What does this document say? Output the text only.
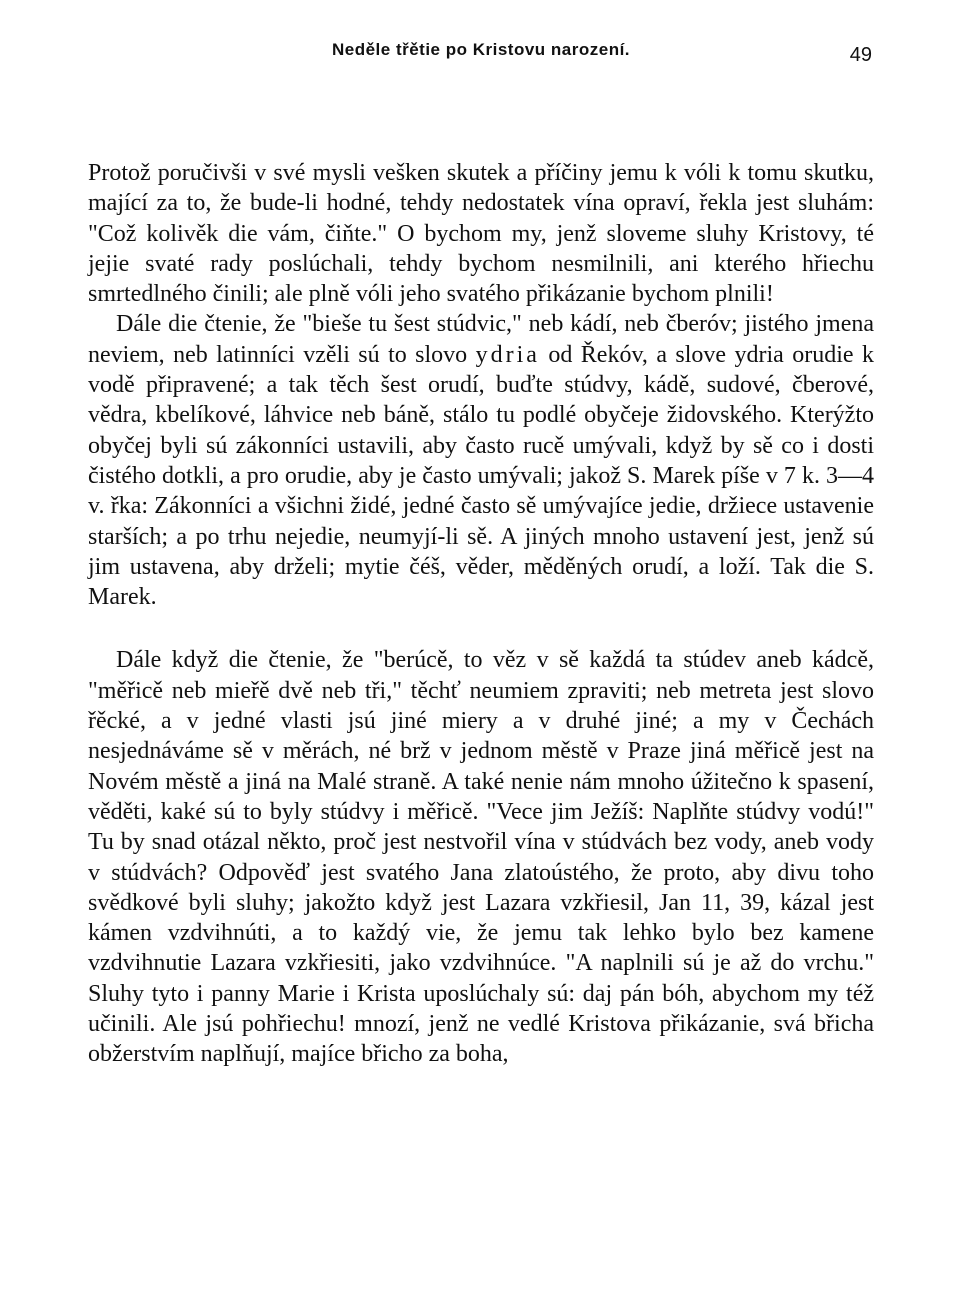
Neděle třětie po Kristovu narození.	49

Protož poručivši v své mysli vešken skutek a příčiny jemu k vóli k tomu skutku, mající za to, že bude-li hodné, tehdy nedostatek vína opraví, řekla jest sluhám: "Což kolivěk die vám, čiňte." O bychom my, jenž sloveme sluhy Kristovy, té jejie svaté rady poslúchali, tehdy bychom nesmilnili, ani kterého hřiechu smrtedlného činili; ale plně vóli jeho svatého přikázanie bychom plnili!

Dále die čtenie, že "bieše tu šest stúdvic," neb kádí, neb čberóv; jistého jmena neviem, neb latinníci vzěli sú to slovo ydria od Řekóv, a slove ydria orudie k vodě připravené; a tak těch šest orudí, buďte stúdvy, kádě, sudové, čberové, vědra, kbelíkové, láhvice neb báně, stálo tu podlé obyčeje židovského. Kterýžto obyčej byli sú zákonníci ustavili, aby často rucě umývali, když by sě co i dosti čistého dotkli, a pro orudie, aby je často umývali; jakož S. Marek píše v 7 k. 3—4 v. řka: Zákonníci a všichni židé, jedné často sě umývajíce jedie, držiece ustavenie starších; a po trhu nejedie, neumyjí-li sě. A jiných mnoho ustavení jest, jenž sú jim ustavena, aby drželi; mytie čéš, věder, měděných orudí, a loží. Tak die S. Marek.

Dále když die čtenie, že "berúcě, to věz v sě každá ta stúdev aneb kádcě, "měřicě neb mieřě dvě neb tři," těchť neumiem zpraviti; neb metreta jest slovo řěcké, a v jedné vlasti jsú jiné miery a v druhé jiné; a my v Čechách nesjednáváme sě v měrách, né brž v jednom městě v Praze jiná měřicě jest na Novém městě a jiná na Malé straně. A také nenie nám mnoho úžitečno k spasení, věděti, kaké sú to byly stúdvy i měřicě. "Vece jim Ježíš: Naplňte stúdvy vodú!" Tu by snad otázal někto, proč jest nestvořil vína v stúdvách bez vody, aneb vody v stúdvách? Odpověď jest svatého Jana zlatoústého, že proto, aby divu toho svědkové byli sluhy; jakožto když jest Lazara vzkřiesil, Jan 11, 39, kázal jest kámen vzdvihnúti, a to každý vie, že jemu tak lehko bylo bez kamene vzdvihnutie Lazara vzkřiesiti, jako vzdvihnúce. "A naplnili sú je až do vrchu." Sluhy tyto i panny Marie i Krista uposlúchaly sú: daj pán bóh, abychom my též učinili. Ale jsú pohřiechu! mnozí, jenž ne vedlé Kristova přikázanie, svá břicha obžerstvím naplňují, majíce břicho za boha,
